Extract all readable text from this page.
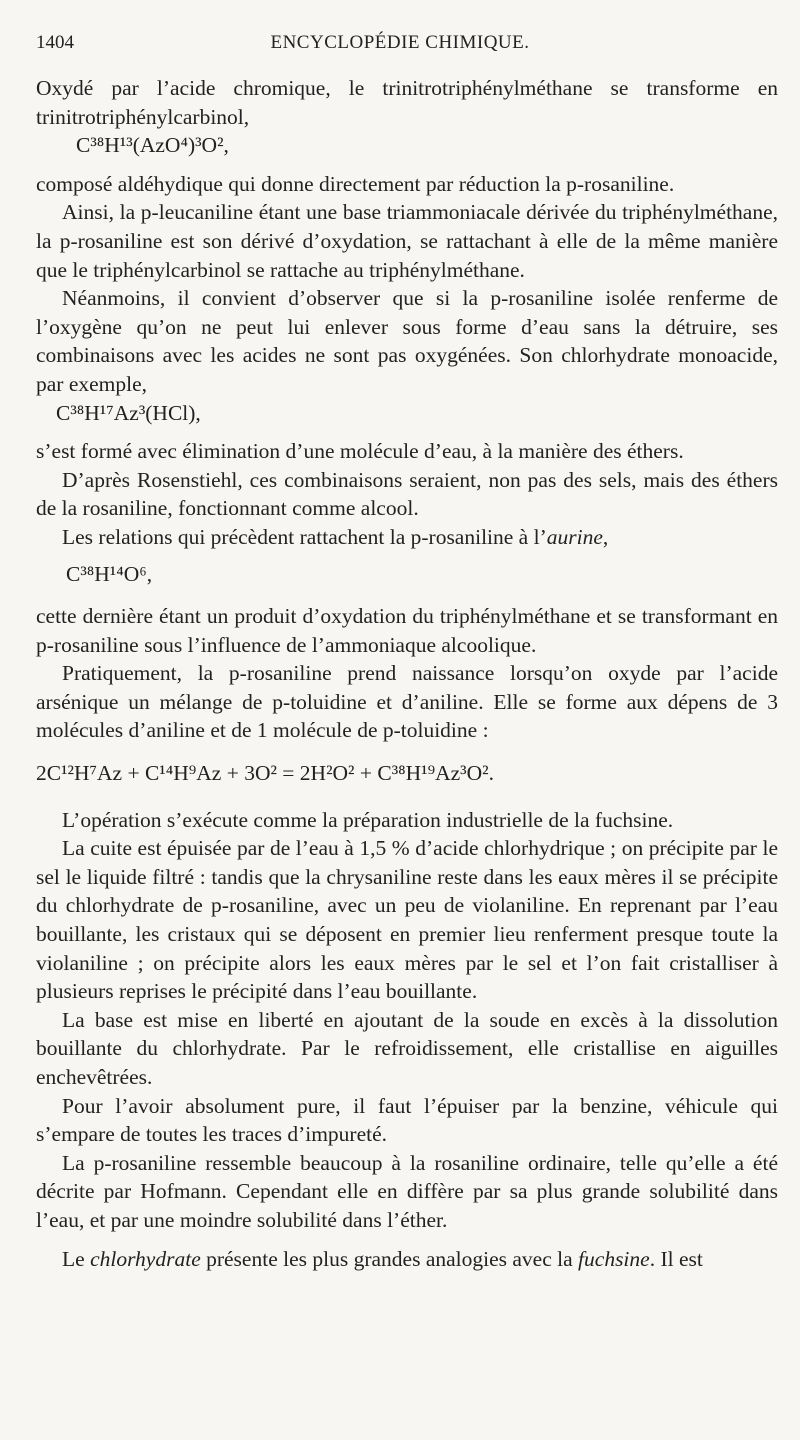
1404	ENCYCLOPÉDIE CHIMIQUE.

Oxydé par l’acide chromique, le trinitrotriphénylméthane se transforme en trinitrotriphénylcarbinol,

C³⁸H¹³(AzO⁴)³O²,

composé aldéhydique qui donne directement par réduction la p-rosaniline.

Ainsi, la p-leucaniline étant une base triammoniacale dérivée du triphénylméthane, la p-rosaniline est son dérivé d’oxydation, se rattachant à elle de la même manière que le triphénylcarbinol se rattache au triphénylméthane.

Néanmoins, il convient d’observer que si la p-rosaniline isolée renferme de l’oxygène qu’on ne peut lui enlever sous forme d’eau sans la détruire, ses combinaisons avec les acides ne sont pas oxygénées. Son chlorhydrate monoacide, par exemple,

C³⁸H¹⁷Az³(HCl),

s’est formé avec élimination d’une molécule d’eau, à la manière des éthers.

D’après Rosenstiehl, ces combinaisons seraient, non pas des sels, mais des éthers de la rosaniline, fonctionnant comme alcool.

Les relations qui précèdent rattachent la p-rosaniline à l’aurine,

C³⁸H¹⁴O⁶,

cette dernière étant un produit d’oxydation du triphénylméthane et se transformant en p-rosaniline sous l’influence de l’ammoniaque alcoolique.

Pratiquement, la p-rosaniline prend naissance lorsqu’on oxyde par l’acide arsénique un mélange de p-toluidine et d’aniline. Elle se forme aux dépens de 3 molécules d’aniline et de 1 molécule de p-toluidine :

2C¹²H⁷Az + C¹⁴H⁹Az + 3O² = 2H²O² + C³⁸H¹⁹Az³O².

L’opération s’exécute comme la préparation industrielle de la fuchsine.

La cuite est épuisée par de l’eau à 1,5 % d’acide chlorhydrique ; on précipite par le sel le liquide filtré : tandis que la chrysaniline reste dans les eaux mères il se précipite du chlorhydrate de p-rosaniline, avec un peu de violaniline. En reprenant par l’eau bouillante, les cristaux qui se déposent en premier lieu renferment presque toute la violaniline ; on précipite alors les eaux mères par le sel et l’on fait cristalliser à plusieurs reprises le précipité dans l’eau bouillante.

La base est mise en liberté en ajoutant de la soude en excès à la dissolution bouillante du chlorhydrate. Par le refroidissement, elle cristallise en aiguilles enchevêtrées.

Pour l’avoir absolument pure, il faut l’épuiser par la benzine, véhicule qui s’empare de toutes les traces d’impureté.

La p-rosaniline ressemble beaucoup à la rosaniline ordinaire, telle qu’elle a été décrite par Hofmann. Cependant elle en diffère par sa plus grande solubilité dans l’eau, et par une moindre solubilité dans l’éther.

Le chlorhydrate présente les plus grandes analogies avec la fuchsine. Il est
